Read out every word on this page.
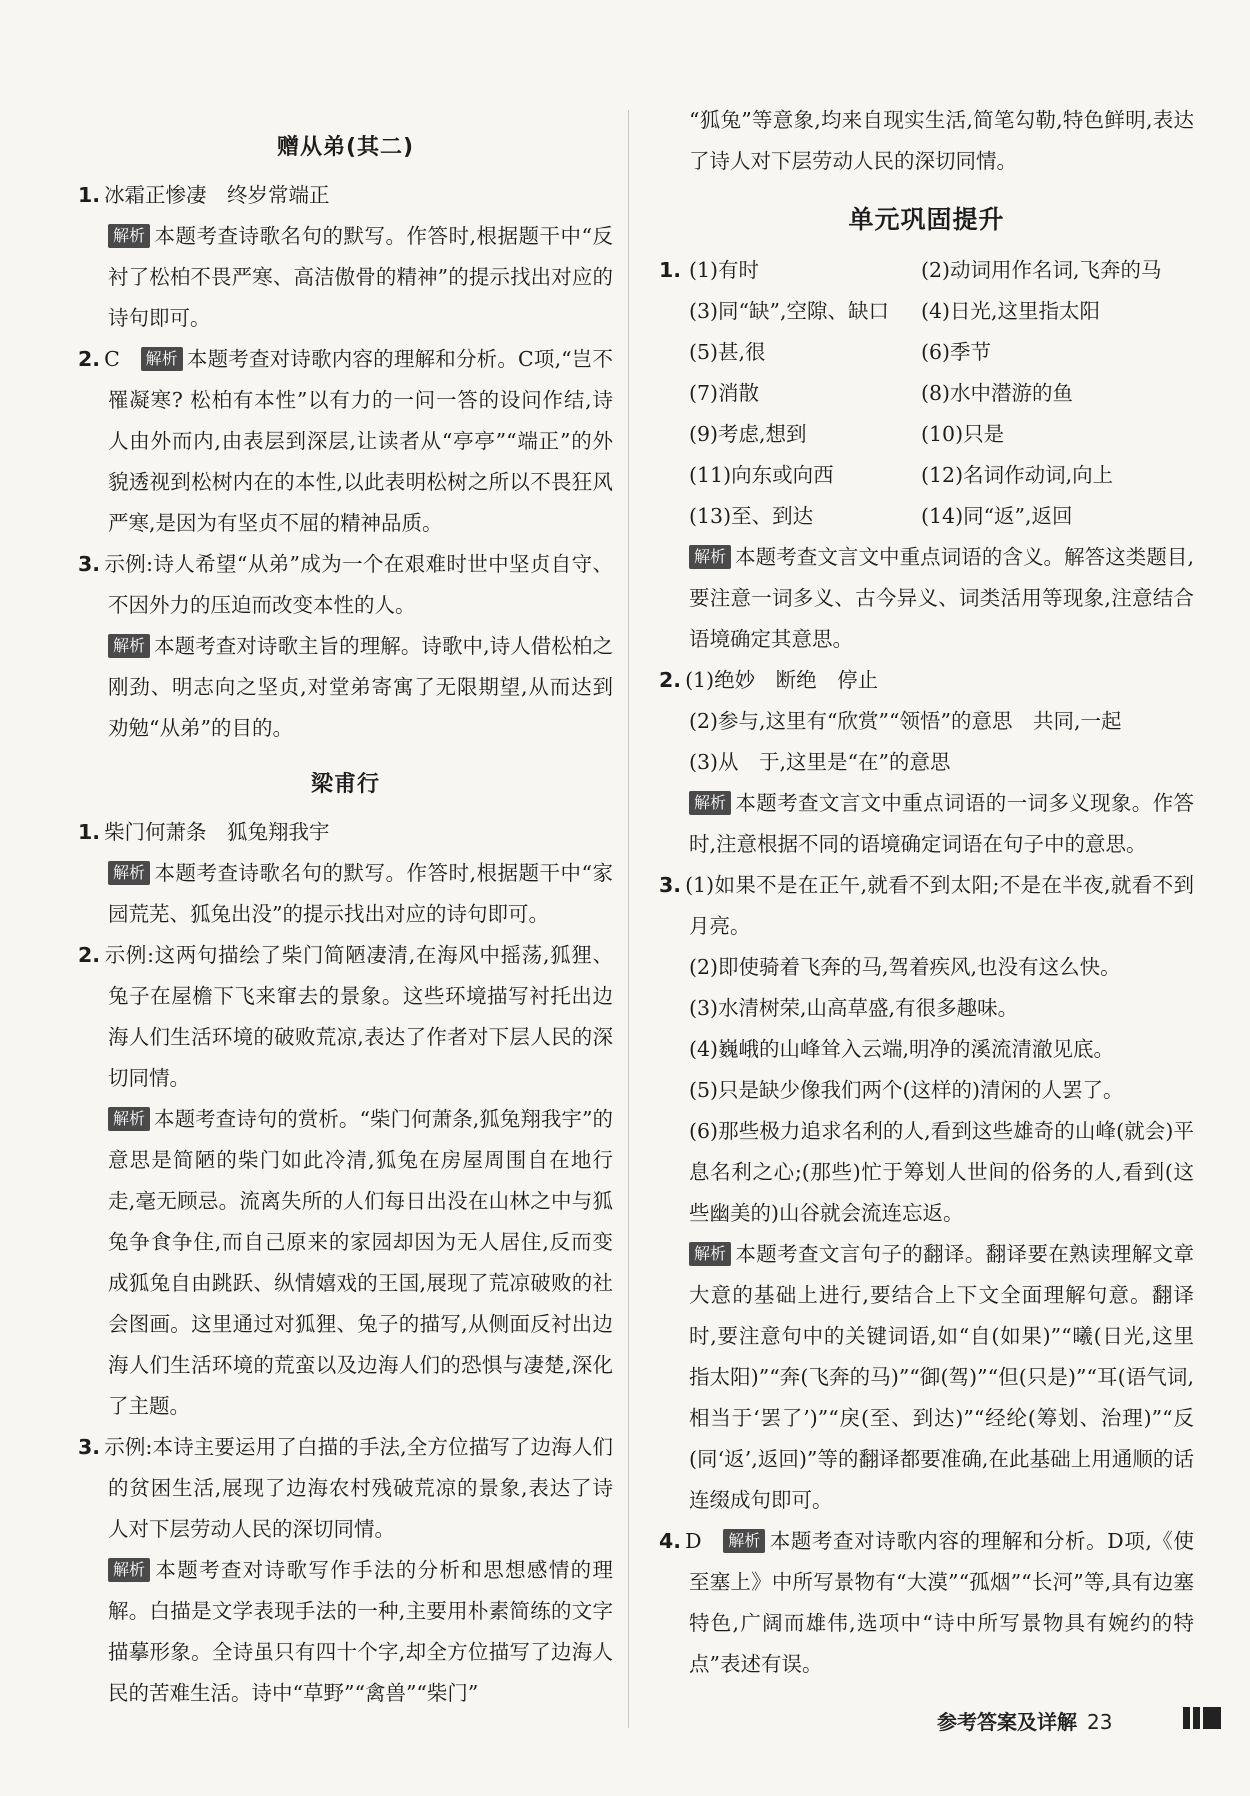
赠从弟(其二)

1. 冰霜正惨凄　终岁常端正

解析 本题考查诗歌名句的默写。作答时,根据题干中“反衬了松柏不畏严寒、高洁傲骨的精神”的提示找出对应的诗句即可。

2. C　 解析 本题考查对诗歌内容的理解和分析。C项,“岂不罹凝寒? 松柏有本性”以有力的一问一答的设问作结,诗人由外而内,由表层到深层,让读者从“亭亭”“端正”的外貌透视到松树内在的本性,以此表明松树之所以不畏狂风严寒,是因为有坚贞不屈的精神品质。

3. 示例:诗人希望“从弟”成为一个在艰难时世中坚贞自守、不因外力的压迫而改变本性的人。

解析 本题考查对诗歌主旨的理解。诗歌中,诗人借松柏之刚劲、明志向之坚贞,对堂弟寄寓了无限期望,从而达到劝勉“从弟”的目的。

梁甫行

1. 柴门何萧条　狐兔翔我宇

解析 本题考查诗歌名句的默写。作答时,根据题干中“家园荒芜、狐兔出没”的提示找出对应的诗句即可。

2. 示例:这两句描绘了柴门简陋凄清,在海风中摇荡,狐狸、兔子在屋檐下飞来窜去的景象。这些环境描写衬托出边海人们生活环境的破败荒凉,表达了作者对下层人民的深切同情。

解析 本题考查诗句的赏析。“柴门何萧条,狐兔翔我宇”的意思是简陋的柴门如此冷清,狐兔在房屋周围自在地行走,毫无顾忌。流离失所的人们每日出没在山林之中与狐兔争食争住,而自己原来的家园却因为无人居住,反而变成狐兔自由跳跃、纵情嬉戏的王国,展现了荒凉破败的社会图画。这里通过对狐狸、兔子的描写,从侧面反衬出边海人们生活环境的荒蛮以及边海人们的恐惧与凄楚,深化了主题。

3. 示例:本诗主要运用了白描的手法,全方位描写了边海人们的贫困生活,展现了边海农村残破荒凉的景象,表达了诗人对下层劳动人民的深切同情。

解析 本题考查对诗歌写作手法的分析和思想感情的理解。白描是文学表现手法的一种,主要用朴素简练的文字描摹形象。全诗虽只有四十个字,却全方位描写了边海人民的苦难生活。诗中“草野”“禽兽”“柴门”

“狐兔”等意象,均来自现实生活,简笔勾勒,特色鲜明,表达了诗人对下层劳动人民的深切同情。

单元巩固提升
1. (1)有时	(2)动词用作名词,飞奔的马
(3)同“缺”,空隙、缺口	(4)日光,这里指太阳
(5)甚,很	(6)季节
(7)消散	(8)水中潜游的鱼
(9)考虑,想到	(10)只是
(11)向东或向西	(12)名词作动词,向上
(13)至、到达	(14)同“返”,返回

解析 本题考查文言文中重点词语的含义。解答这类题目,要注意一词多义、古今异义、词类活用等现象,注意结合语境确定其意思。

2. (1)绝妙　断绝　停止

(2)参与,这里有“欣赏”“领悟”的意思　共同,一起

(3)从　于,这里是“在”的意思

解析 本题考查文言文中重点词语的一词多义现象。作答时,注意根据不同的语境确定词语在句子中的意思。

3. (1)如果不是在正午,就看不到太阳;不是在半夜,就看不到月亮。

(2)即使骑着飞奔的马,驾着疾风,也没有这么快。

(3)水清树荣,山高草盛,有很多趣味。

(4)巍峨的山峰耸入云端,明净的溪流清澈见底。

(5)只是缺少像我们两个(这样的)清闲的人罢了。

(6)那些极力追求名利的人,看到这些雄奇的山峰(就会)平息名利之心;(那些)忙于筹划人世间的俗务的人,看到(这些幽美的)山谷就会流连忘返。

解析 本题考查文言句子的翻译。翻译要在熟读理解文章大意的基础上进行,要结合上下文全面理解句意。翻译时,要注意句中的关键词语,如“自(如果)”“曦(日光,这里指太阳)”“奔(飞奔的马)”“御(驾)”“但(只是)”“耳(语气词,相当于‘罢了’)”“戾(至、到达)”“经纶(筹划、治理)”“反(同‘返’,返回)”等的翻译都要准确,在此基础上用通顺的话连缀成句即可。

4. D　 解析 本题考查对诗歌内容的理解和分析。D项,《使至塞上》中所写景物有“大漠”“孤烟”“长河”等,具有边塞特色,广阔而雄伟,选项中“诗中所写景物具有婉约的特点”表述有误。

参考答案及详解 23
